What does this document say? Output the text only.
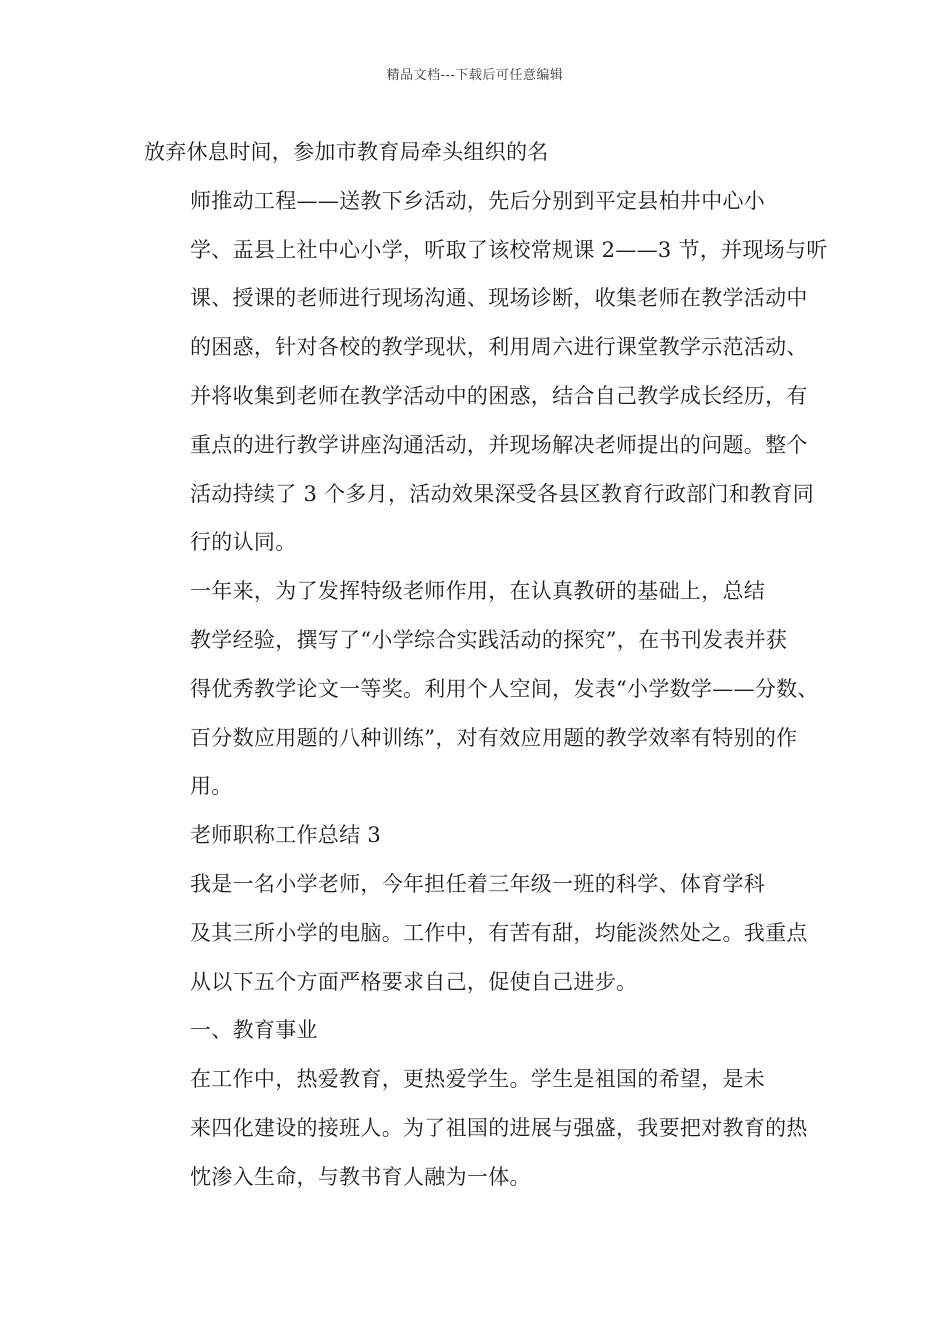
精品文档---下载后可任意编辑

放弃休息时间，参加市教育局牵头组织的名

师推动工程——送教下乡活动，先后分别到平定县柏井中心小
学、盂县上社中心小学，听取了该校常规课 2——3 节，并现场与听
课、授课的老师进行现场沟通、现场诊断，收集老师在教学活动中
的困惑，针对各校的教学现状，利用周六进行课堂教学示范活动、
并将收集到老师在教学活动中的困惑，结合自己教学成长经历，有
重点的进行教学讲座沟通活动，并现场解决老师提出的问题。整个
活动持续了 3 个多月，活动效果深受各县区教育行政部门和教育同
行的认同。

一年来，为了发挥特级老师作用，在认真教研的基础上，总结
教学经验，撰写了“小学综合实践活动的探究”，在书刊发表并获
得优秀教学论文一等奖。利用个人空间，发表“小学数学——分数、
百分数应用题的八种训练”，对有效应用题的教学效率有特别的作
用。

老师职称工作总结 3

我是一名小学老师，今年担任着三年级一班的科学、体育学科
及其三所小学的电脑。工作中，有苦有甜，均能淡然处之。我重点
从以下五个方面严格要求自己，促使自己进步。

一、教育事业

在工作中，热爱教育，更热爱学生。学生是祖国的希望，是未
来四化建设的接班人。为了祖国的进展与强盛，我要把对教育的热
忱渗入生命，与教书育人融为一体。
